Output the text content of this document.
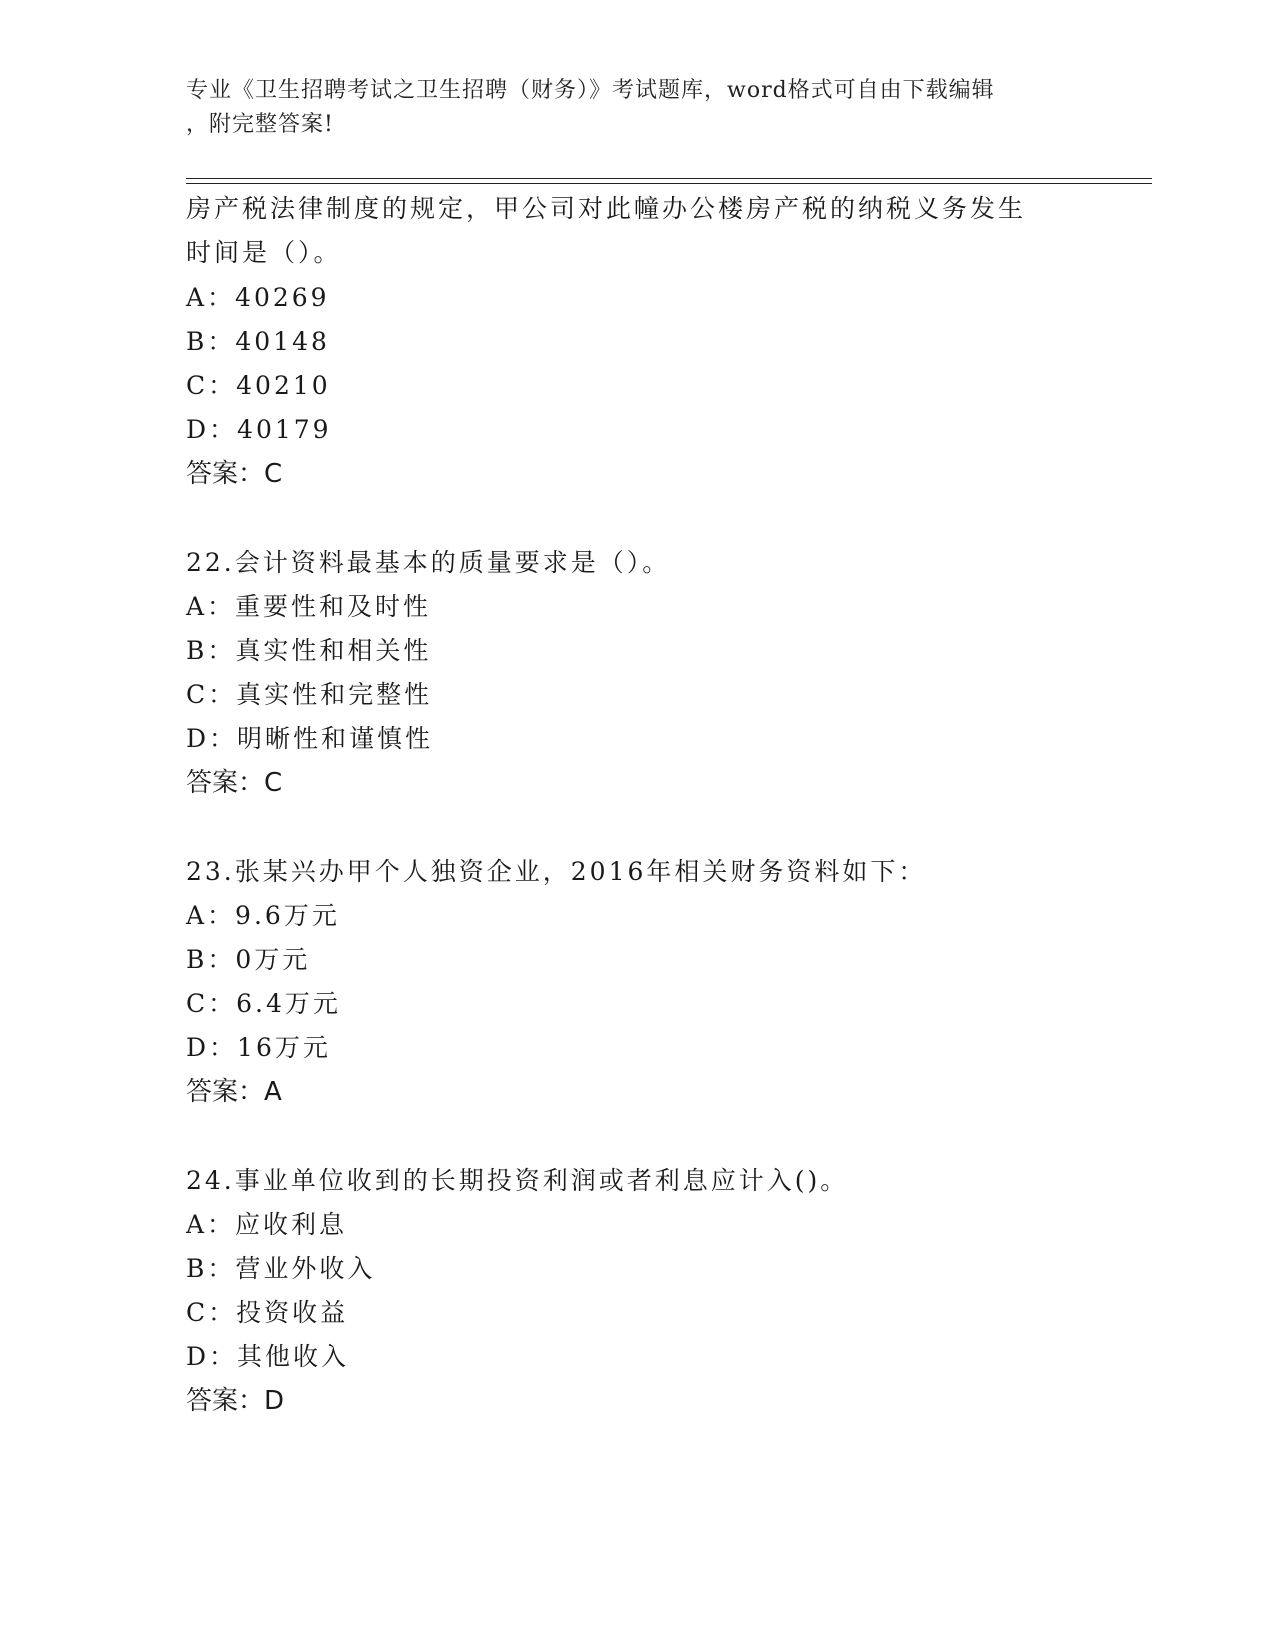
专业《卫生招聘考试之卫生招聘（财务）》考试题库，word格式可自由下载编辑
，附完整答案!
房产税法律制度的规定，甲公司对此幢办公楼房产税的纳税义务发生
时间是（）。
A：40269
B：40148
C：40210
D：40179
答案：C
22.会计资料最基本的质量要求是（）。
A：重要性和及时性
B：真实性和相关性
C：真实性和完整性
D：明晰性和谨慎性
答案：C
23.张某兴办甲个人独资企业，2016年相关财务资料如下：
A：9.6万元
B：0万元
C：6.4万元
D：16万元
答案：A
24.事业单位收到的长期投资利润或者利息应计入()。
A：应收利息
B：营业外收入
C：投资收益
D：其他收入
答案：D
